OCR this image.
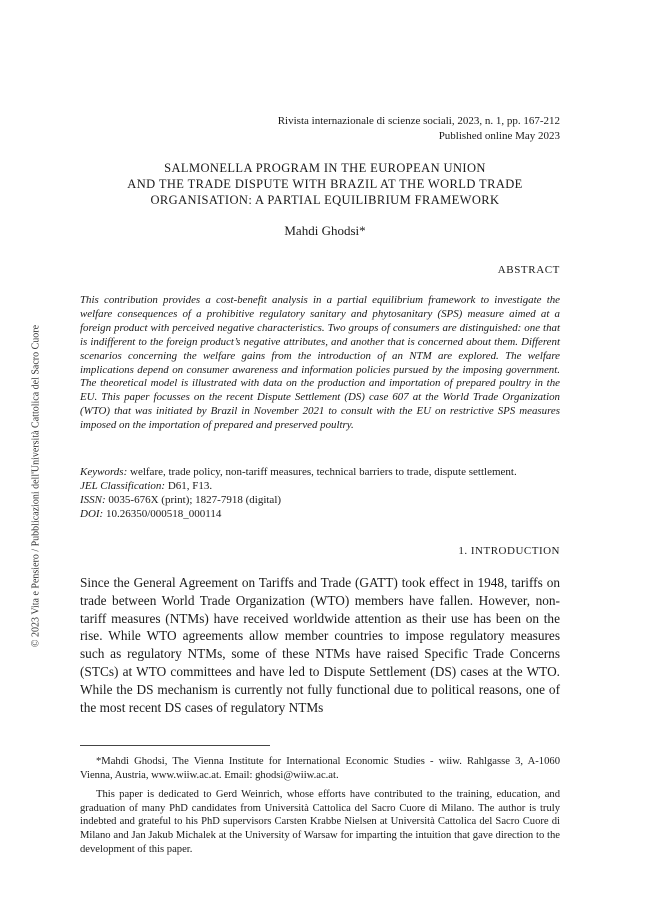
© 2023 Vita e Pensiero / Pubblicazioni dell'Università Cattolica del Sacro Cuore
Rivista internazionale di scienze sociali, 2023, n. 1, pp. 167-212
Published online May 2023
SALMONELLA PROGRAM IN THE EUROPEAN UNION
AND THE TRADE DISPUTE WITH BRAZIL AT THE WORLD TRADE
ORGANISATION: A PARTIAL EQUILIBRIUM FRAMEWORK
Mahdi Ghodsi*
ABSTRACT

This contribution provides a cost-benefit analysis in a partial equilibrium framework to investigate the welfare consequences of a prohibitive regulatory sanitary and phytosanitary (SPS) measure aimed at a foreign product with perceived negative characteristics. Two groups of consumers are distinguished: one that is indifferent to the foreign product’s negative attributes, and another that is concerned about them. Different scenarios concerning the welfare gains from the introduction of an NTM are explored. The welfare implications depend on consumer awareness and information policies pursued by the imposing government. The theoretical model is illustrated with data on the production and importation of prepared poultry in the EU. This paper focusses on the recent Dispute Settlement (DS) case 607 at the World Trade Organization (WTO) that was initiated by Brazil in November 2021 to consult with the EU on restrictive SPS measures imposed on the importation of prepared and preserved poultry.

Keywords: welfare, trade policy, non-tariff measures, technical barriers to trade, dispute settlement.
JEL Classification: D61, F13.
ISSN: 0035-676X (print); 1827-7918 (digital)
DOI: 10.26350/000518_000114
1. INTRODUCTION

Since the General Agreement on Tariffs and Trade (GATT) took effect in 1948, tariffs on trade between World Trade Organization (WTO) members have fallen. However, non-tariff measures (NTMs) have received worldwide attention as their use has been on the rise. While WTO agreements allow member countries to impose regulatory measures such as regulatory NTMs, some of these NTMs have raised Specific Trade Concerns (STCs) at WTO committees and have led to Dispute Settlement (DS) cases at the WTO. While the DS mechanism is currently not fully functional due to political reasons, one of the most recent DS cases of regulatory NTMs

*Mahdi Ghodsi, The Vienna Institute for International Economic Studies - wiiw. Rahlgasse 3, A-1060 Vienna, Austria, www.wiiw.ac.at. Email: ghodsi@wiiw.ac.at.

This paper is dedicated to Gerd Weinrich, whose efforts have contributed to the training, education, and graduation of many PhD candidates from Università Cattolica del Sacro Cuore di Milano. The author is truly indebted and grateful to his PhD supervisors Carsten Krabbe Nielsen at Università Cattolica del Sacro Cuore di Milano and Jan Jakub Michalek at the University of Warsaw for imparting the intuition that gave direction to the development of this paper.
